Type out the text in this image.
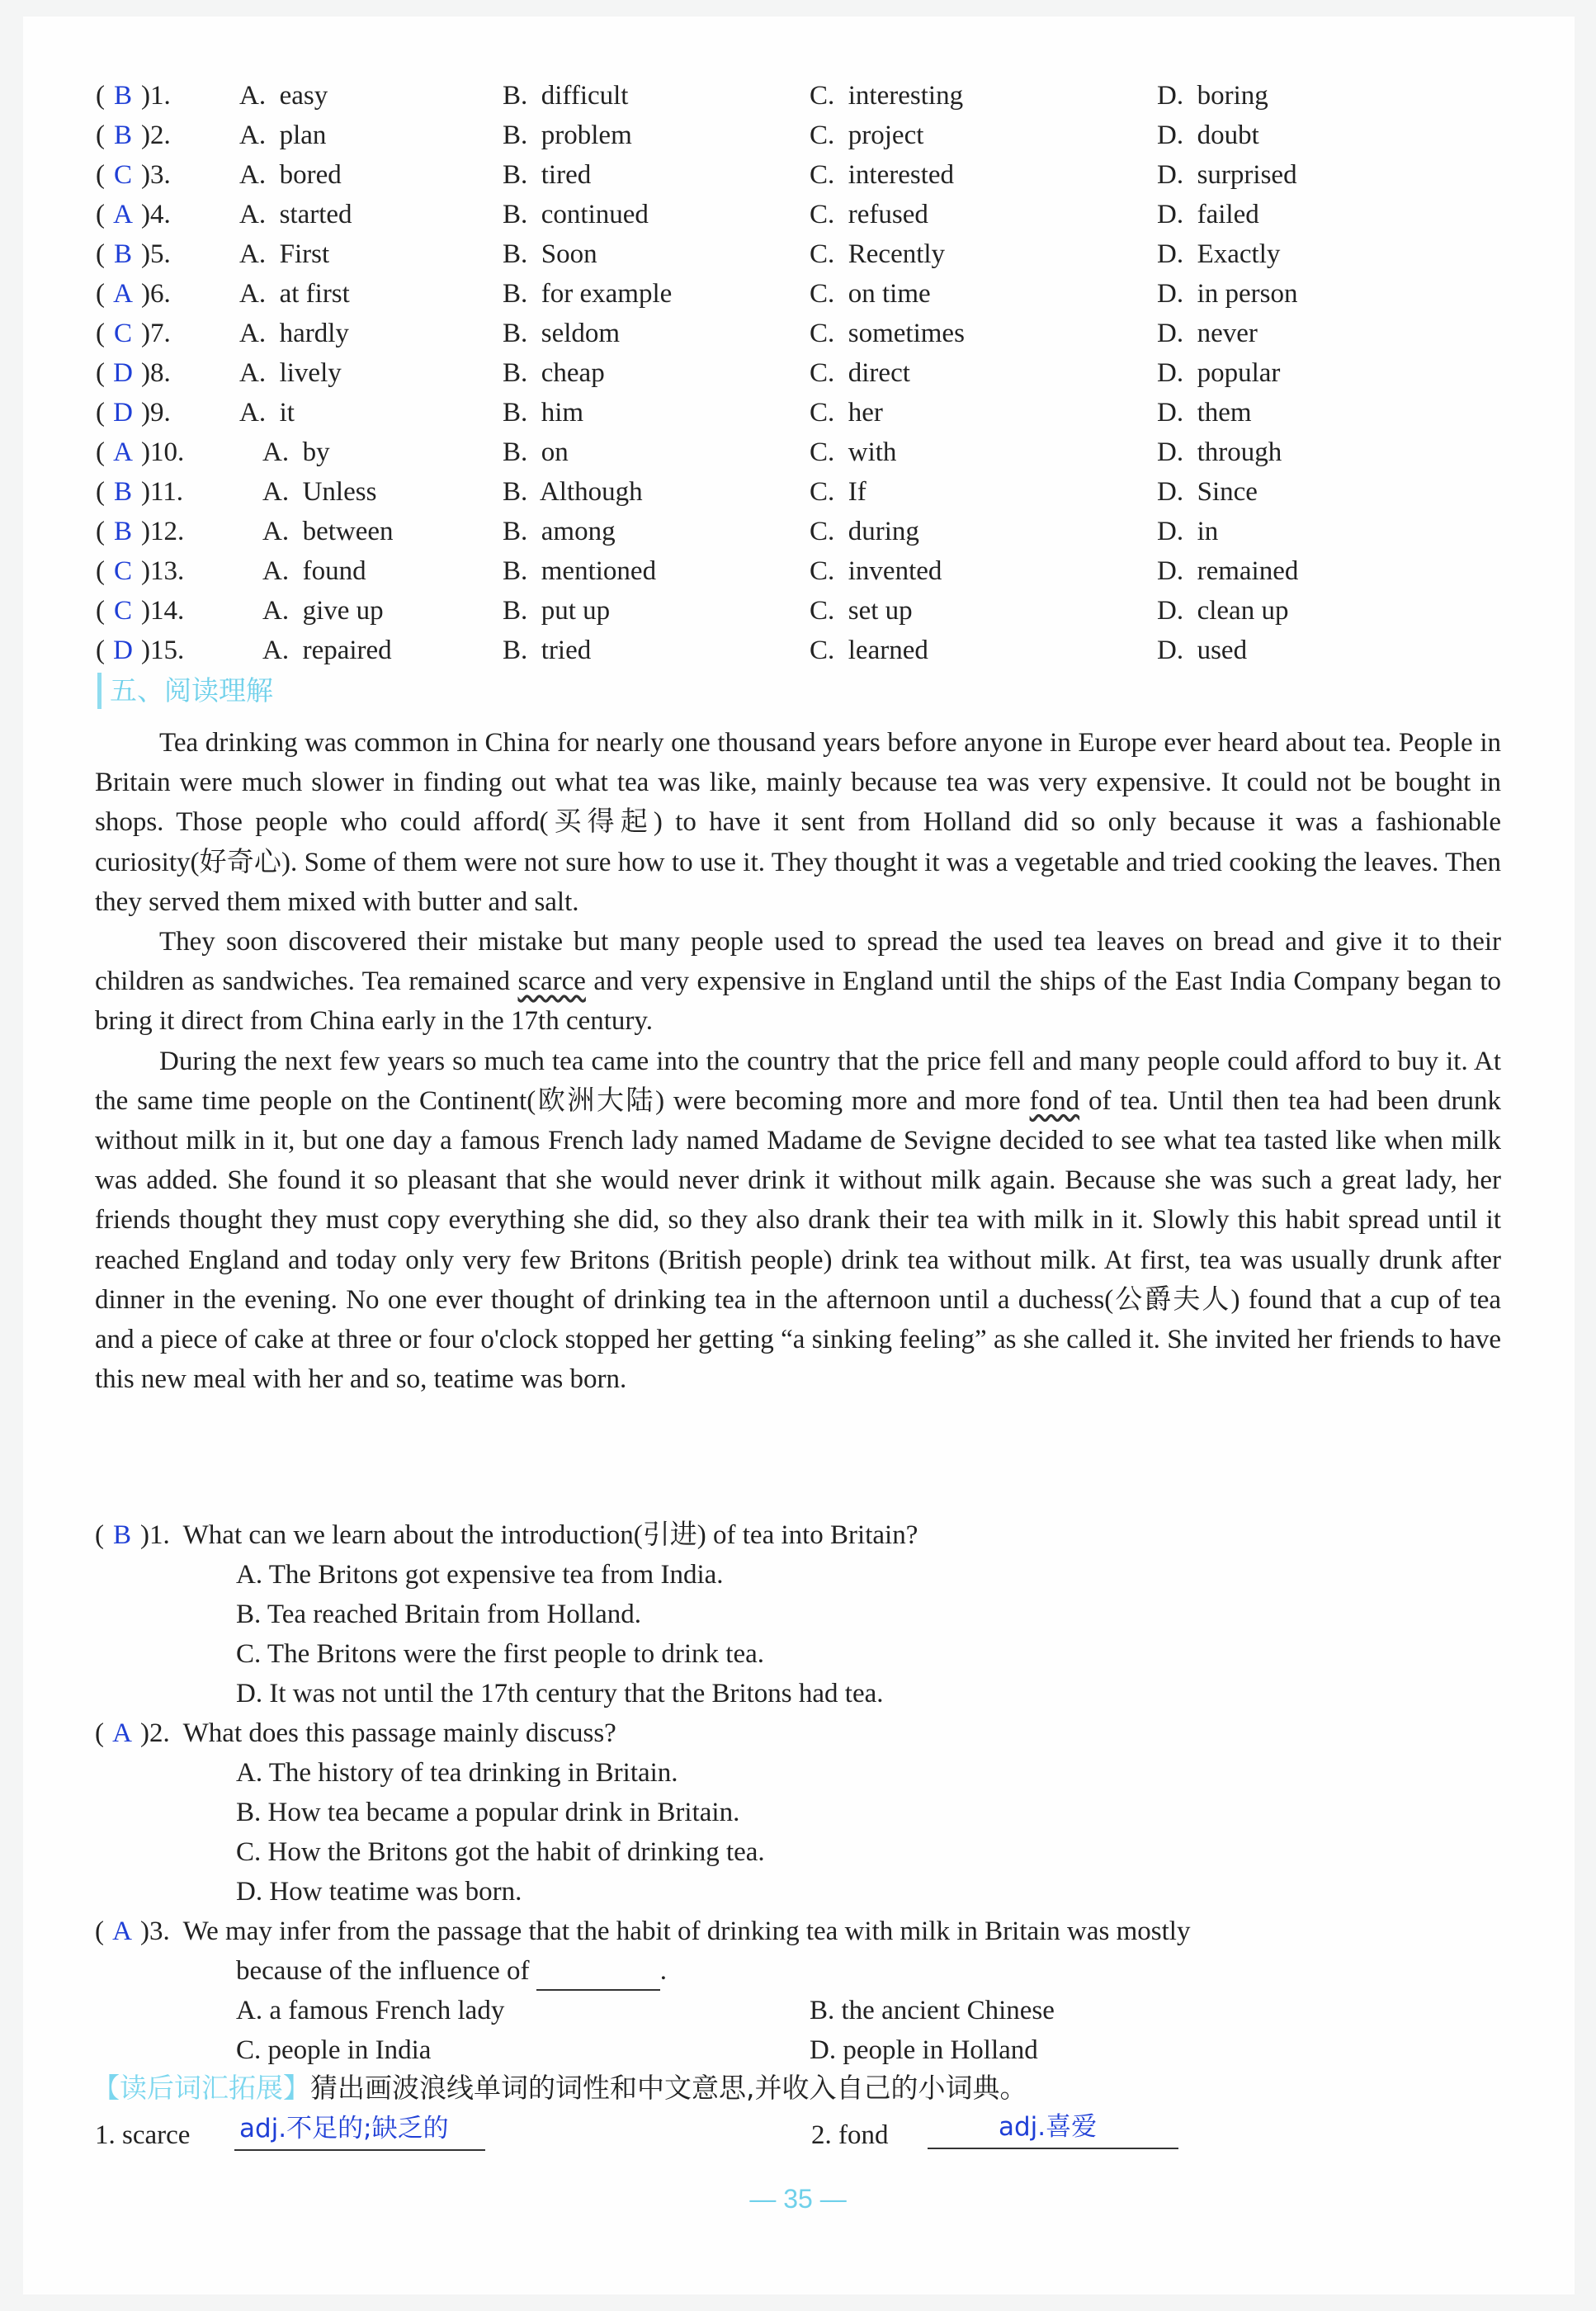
( B )1.	A.  easy	B.  difficult	C.  interesting	D.  boring
( B )2.	A.  plan	B.  problem	C.  project	D.  doubt
( C )3.	A.  bored	B.  tired	C.  interested	D.  surprised
( A )4.	A.  started	B.  continued	C.  refused	D.  failed
( B )5.	A.  First	B.  Soon	C.  Recently	D.  Exactly
( A )6.	A.  at first	B.  for example	C.  on time	D.  in person
( C )7.	A.  hardly	B.  seldom	C.  sometimes	D.  never
( D )8.	A.  lively	B.  cheap	C.  direct	D.  popular
( D )9.	A.  it	B.  him	C.  her	D.  them
( A )10.	A.  by	B.  on	C.  with	D.  through
( B )11.	A.  Unless	B.  Although	C.  If	D.  Since
( B )12.	A.  between	B.  among	C.  during	D.  in
( C )13.	A.  found	B.  mentioned	C.  invented	D.  remained
( C )14.	A.  give up	B.  put up	C.  set up	D.  clean up
( D )15.	A.  repaired	B.  tried	C.  learned	D.  used
五、阅读理解

Tea drinking was common in China for nearly one thousand years before anyone in Europe ever heard about tea. People in Britain were much slower in finding out what tea was like, mainly because tea was very expensive. It could not be bought in shops. Those people who could afford(买得起) to have it sent from Holland did so only because it was a fashionable curiosity(好奇心). Some of them were not sure how to use it. They thought it was a vegetable and tried cooking the leaves. Then they served them mixed with butter and salt.

They soon discovered their mistake but many people used to spread the used tea leaves on bread and give it to their children as sandwiches. Tea remained scarce and very expensive in England until the ships of the East India Company began to bring it direct from China early in the 17th century.

During the next few years so much tea came into the country that the price fell and many people could afford to buy it. At the same time people on the Continent(欧洲大陆) were becoming more and more fond of tea. Until then tea had been drunk without milk in it, but one day a famous French lady named Madame de Sevigne decided to see what tea tasted like when milk was added. She found it so pleasant that she would never drink it without milk again. Because she was such a great lady, her friends thought they must copy everything she did, so they also drank their tea with milk in it. Slowly this habit spread until it reached England and today only very few Britons (British people) drink tea without milk. At first, tea was usually drunk after dinner in the evening. No one ever thought of drinking tea in the afternoon until a duchess(公爵夫人) found that a cup of tea and a piece of cake at three or four o'clock stopped her getting “a sinking feeling” as she called it. She invited her friends to have this new meal with her and so, teatime was born.

( B )1.  What can we learn about the introduction(引进) of tea into Britain?
A. The Britons got expensive tea from India.
B. Tea reached Britain from Holland.
C. The Britons were the first people to drink tea.
D. It was not until the 17th century that the Britons had tea.
( A )2.  What does this passage mainly discuss?
A. The history of tea drinking in Britain.
B. How tea became a popular drink in Britain.
C. How the Britons got the habit of drinking tea.
D. How teatime was born.
( A )3.  We may infer from the passage that the habit of drinking tea with milk in Britain was mostly
because of the influence of	.
A. a famous French lady	B. the ancient Chinese
C. people in India	D. people in Holland
【读后词汇拓展】猜出画波浪线单词的词性和中文意思,并收入自己的小词典。
1. scarce adj.不足的;缺乏的	2. fond	adj.喜爱
— 35 —
